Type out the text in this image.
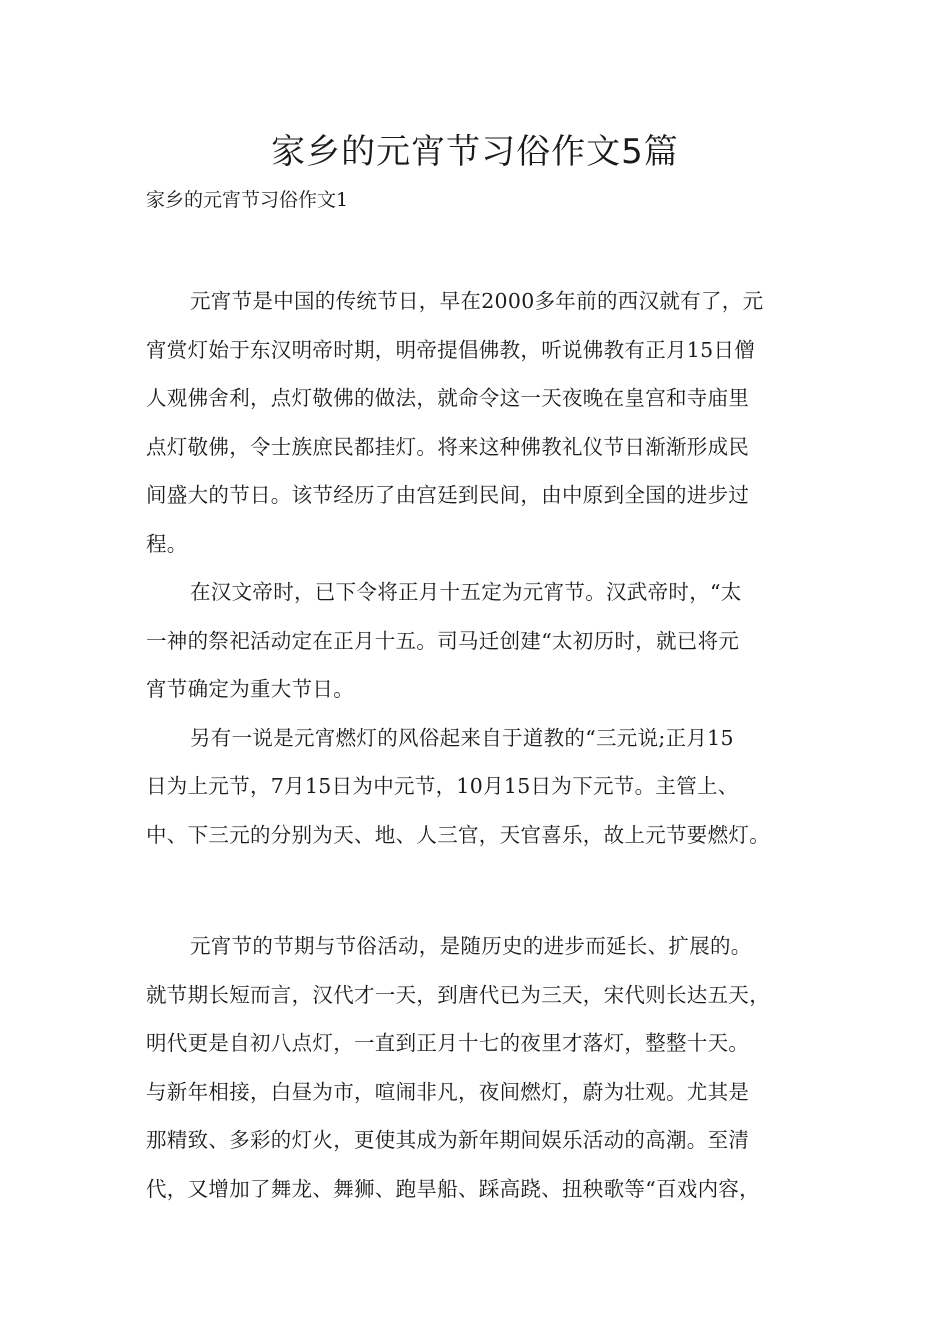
家乡的元宵节习俗作文5篇
家乡的元宵节习俗作文1
元宵节是中国的传统节日，早在2000多年前的西汉就有了，元
宵赏灯始于东汉明帝时期，明帝提倡佛教，听说佛教有正月15日僧
人观佛舍利，点灯敬佛的做法，就命令这一天夜晚在皇宫和寺庙里
点灯敬佛，令士族庶民都挂灯。将来这种佛教礼仪节日渐渐形成民
间盛大的节日。该节经历了由宫廷到民间，由中原到全国的进步过
程。
在汉文帝时，已下令将正月十五定为元宵节。汉武帝时，“太
一神的祭祀活动定在正月十五。司马迁创建“太初历时，就已将元
宵节确定为重大节日。
另有一说是元宵燃灯的风俗起来自于道教的“三元说;正月15
日为上元节，7月15日为中元节，10月15日为下元节。主管上、
中、下三元的分别为天、地、人三官，天官喜乐，故上元节要燃灯。
元宵节的节期与节俗活动，是随历史的进步而延长、扩展的。
就节期长短而言，汉代才一天，到唐代已为三天，宋代则长达五天，
明代更是自初八点灯，一直到正月十七的夜里才落灯，整整十天。
与新年相接，白昼为市，喧闹非凡，夜间燃灯，蔚为壮观。尤其是
那精致、多彩的灯火，更使其成为新年期间娱乐活动的高潮。至清
代，又增加了舞龙、舞狮、跑旱船、踩高跷、扭秧歌等“百戏内容，
